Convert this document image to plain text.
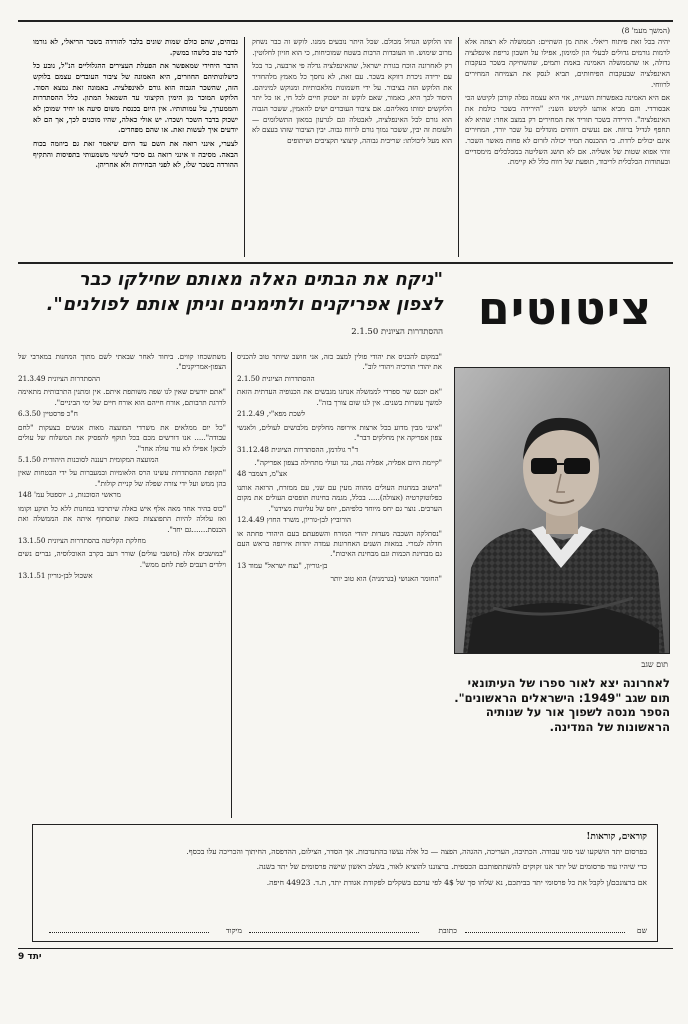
(המשך מעמ' 8)

יהיה בכל זאת פיתוח ריאלי. אתת מן השתיים: הממשלה לא רצתה אלא לרמות גורמים גדולים לבעלי הון למימון, אפילו על חשבון גריפת אינפלציה גדולה, או שהממשלה האמינה באמת ותמים, שהשחיקה בשכר בעקבות האינפלציה שבעקבות הפיחותים, תביא לנסק את הצמיחה המחירים לרווחי.

אם היא האמינה באפשרות השנייה, אזי היא עצמה נפלה קורבן לקיטש הכי אבסורדי. והם מביא אותנו לקיטש השני: "הירידה בשכר כולמת את האינפלציה". הירידה בשכר תוריד את המחירים רק במצב אחד: שהיא לא תחפף לגדיל ברווח. אם נעשים רווחים מוגדלים על שכר יורד, המחירים אינם יכולים לרדת. כי ההכנסה תמיד יכולה לזרום לא פחות מאשר השכר. זוהי אפוא שטות של אשליה. אם לא תושג השליטה במכלכלים מימסדיים ובעתודות הכלכלית לריבוד, תופעת של רווח כלל לא קיימת.

זהו הלוקש הגדול מכולם. שכל היתר נובעים ממנו. לוקש זה כבר נשחק מרוב שימוש. וזו העובדות הרבות בשטח שמוכיחות, כי הוא חזיון לחלוטין.

רק לאחרונה הוכח בגורת ישראל, שהאינפלציה גדלה פי ארבעה, בר בכל עם ירידה ניכרת דווקא בשכר. עם זאת, לא נחסך כל מאמץ מלהחדיר את הלוקש הזה בציבור. על ידי חשמונות מלאכותיות ומנוקש למיניהם. היסוד לכך היא, כאמור, שאם לוקש זה ישכוק חיים לכל חי, אז כל יתר הלוקשים ימותו מאליהם. אם ציבור העובדים ישים להאמין, ששכר הגבוה הוא גורם לכל האינפלציה, לאבטלה וגם לגרעון במאזן התשלומים — ולעומת זה יבין, ששכר נמוך גורם לרווח גבוה. יבין הציבור שזהו בעצם לא הוא מעל ליכולתו: שריבית גבוהה, קיצוצי תקציבים ושיתופים

נבוהים, שהם כולם שמות שונים בלבד להורדה בשכר הריאלי, לא גורמו לדבר טוב כלשהו במשק.

הדבר היחידי שמאפשר את הפעלת העצירים ההגלוליים הנ"ל, נובע כל כישלונותיהם החוזרים, היא האמונה של ציבור העובדים עצמם בלוקש הזה, שהשכר הגבוה הוא גורם לאינפלציה. באמונה זאת נמצא הסוד. הלוקש המוכר מן הימין הקיצוני עד השמאל המתון. כלל ההסתדרות והממערך, על עמותותיו. אין היום בכנסת משום סיעה או יחיד שמוכן לא ישכוק בדבר השכר ושכרו. יש אולי כאלה, שהיו מוכנים לכך, אך הם לא יודעים איך לעשות זאת. או שהם מפחדים.

לצערי, אינני רואה את השם עד היום שיאמר זאת גם ביוזמה בכוח הבאה. מסיבה זו אינני רואה גם סיכוי לשינוי משמעותי בתפיסות והתקיף ההורדה בשכר שלו, לא לפני הבחירות ולא אחריהן.

ציטוטים
"ניקח את הבתים האלה מאותם שחילקו כבר
לצפון אפריקנים ולתימנים וניתן אותם לפולנים".
ההסתדרות הציונית 2.1.50
תום שגב
"במקום להכניס את יהודי פולין למצב כזה, אני חושב שיותר טוב להכניס את יהודי תורכיה ויהודי לוב".
ההסתדרות הציונית 2.1.50
"אם יוכנס שר ספרדי לממשלה אנחנו מגבשים את הכנופיה העדתית הזאת למשך עשרות בשנים. אין לנו שום צורך בזה".
לשכת מפא"י, 21.2.49
"אינני מבין מדוע בכל ארצות אירופה מחלקים מלבושים לעולים, ולאנשי צפון אפריקה אין מחלקים דבר".
ד"ר גולדמן, ההסתדרות הציונית 31.12.48
"קיימת היום אפליה, אפליה גסה, נגד ועולי מתחילה בצפון אפריקה".
אצ"מ, דצמבר 48
"הישוב במחנות העולים מהווה מעין עם שני, עם ממזרח, הרואה אותנו כפלוטוקרטיה (אצולה)..... בכלל, מגמה בחינות תופסים העולים את מקום הערבים. נוצר גם יחס מיוחד כלפיהם, יחס של עליונות מצידנו".
הורוביץ לבן-גוריון, משרד החוץ 12.4.49
"נסתלקה השכבה מעדות יהודי המזרח והשפעתם בעם היהודי פחתה או חדלה לגמרי. במאות השנים האחרונות עמדה יהדות אירופה בראש העם גם מבחינת הכמות וגם מבחינת האיכות".
בן-גוריון, "נצח ישראל" עמוד 13
"החומר האנושי (בגרמניה) הוא טוב יותר
משתשכחו קווים. ביחוד לאחר שבאתי לשם מתוך המחנות במארבי של הצפון-אמריקנים".
ההסתדרות הציונית 21.3.49
"אתם יודעים שאין לנו שפה משותפת איתם. אין ומתנין התרבותית מתאימה לדרגת תרבותם, אורח חייהם הוא אורח חיים של ימי הביניים".
ח"כ פרסטיין 6.3.50
"כל יום ממלאים את משרדי המועצה מאות אנשים בצעקות "לחם עבודה"..... אנו דורשים מכם בכל תוקף להפסיק את המשלוח של עולים לכאן! אפילו לא עוד עולה אחד".
המועצה המקומית רעננה לסוכנות היהודית 5.1.50
"תקופת ההסתדרות עשינו הרס הלאומיות ובמעברות על ידי הבטחות שאין בהן ממש ועל ידי צורה שפלה של קניית קולות".
מראשי הסוכנות, ג. יוספטל עמ' 148
"כוס בהיר אחד מאה אלף איש כאלה שיתרכזו במחנות ללא כל תוקע וקומו ואז עלולה להיות התפוצצות כזאת שתסחוף איתה את הממשלה ואת הכנסת.......גם יחד".
מחלקת הקליטה בהסתדרות הציונית 13.1.50
"במושבים אלה (מושבי עולים) שורר רעב בקרב האוכלוסיה, גברים נשים וילדים רעבים לפת לחם ממש".
אשכול לבן-גוריון 13.1.51
לאחרונה יצא לאור ספרו של העיתונאי תום שגב "1949: הישראלים הראשונים". הספר מנסה לשפוך אור על שנותיה הראשונות של המדינה.
קוראים, קוראות!
בפרסום יתד הושקעו שני סוגי עבודה. הכתיבה, העריכה, ההגהה, הפצה — כל אלה נעשו בהתנדבות. אך הסדר, הצילום, ההדפסה, החיתוך והכריכה עלו בכסף.
כדי שיהיו עוד פרסומים של יתד אנו זקוקים להשתתפותכם הכספית. ברצוננו להוציא לאור, בשלב ראשון שישה פרסומים של יתד בשנה.
אם ברצונכם/ן לקבל את כל פרסומי יתד בביתכם, נא שלחו סך של 4$ לפי ערכם בשקלים לפקודת אגודת יתד, ת.ד. 44923 חיפה.
שם
כתובת
מיקוד
יתד 9
